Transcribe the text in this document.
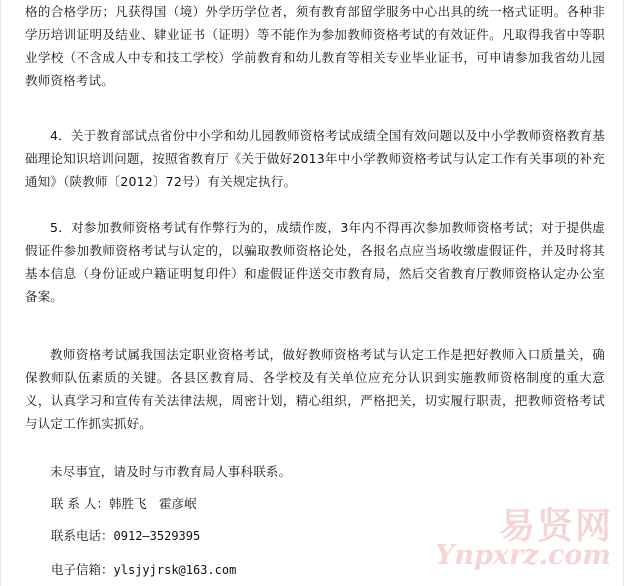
格的合格学历；凡获得国（境）外学历学位者，须有教育部留学服务中心出具的统一格式证明。各种非学历培训证明及结业、肄业证书（证明）等不能作为参加教师资格考试的有效证件。凡取得我省中等职业学校（不含成人中专和技工学校）学前教育和幼儿教育等相关专业毕业证书，可申请参加我省幼儿园教师资格考试。

4．关于教育部试点省份中小学和幼儿园教师资格考试成绩全国有效问题以及中小学教师资格教育基础理论知识培训问题，按照省教育厅《关于做好2013年中小学教师资格考试与认定工作有关事项的补充通知》（陕教师〔2012〕72号）有关规定执行。

5．对参加教师资格考试有作弊行为的，成绩作废，3年内不得再次参加教师资格考试；对于提供虚假证件参加教师资格考试与认定的，以骗取教师资格论处，各报名点应当场收缴虚假证件，并及时将其基本信息（身份证或户籍证明复印件）和虚假证件送交市教育局，然后交省教育厅教师资格认定办公室备案。

教师资格考试属我国法定职业资格考试，做好教师资格考试与认定工作是把好教师入口质量关，确保教师队伍素质的关键。各县区教育局、各学校及有关单位应充分认识到实施教师资格制度的重大意义，认真学习和宣传有关法律法规，周密计划，精心组织，严格把关，切实履行职责，把教师资格考试与认定工作抓实抓好。

未尽事宜，请及时与市教育局人事科联系。

联 系 人：韩胜飞　霍彦岷
联系电话：0912—3529395
电子信箱：ylsjyjrsk@163.com
易贤网
Ynpxrz.com
